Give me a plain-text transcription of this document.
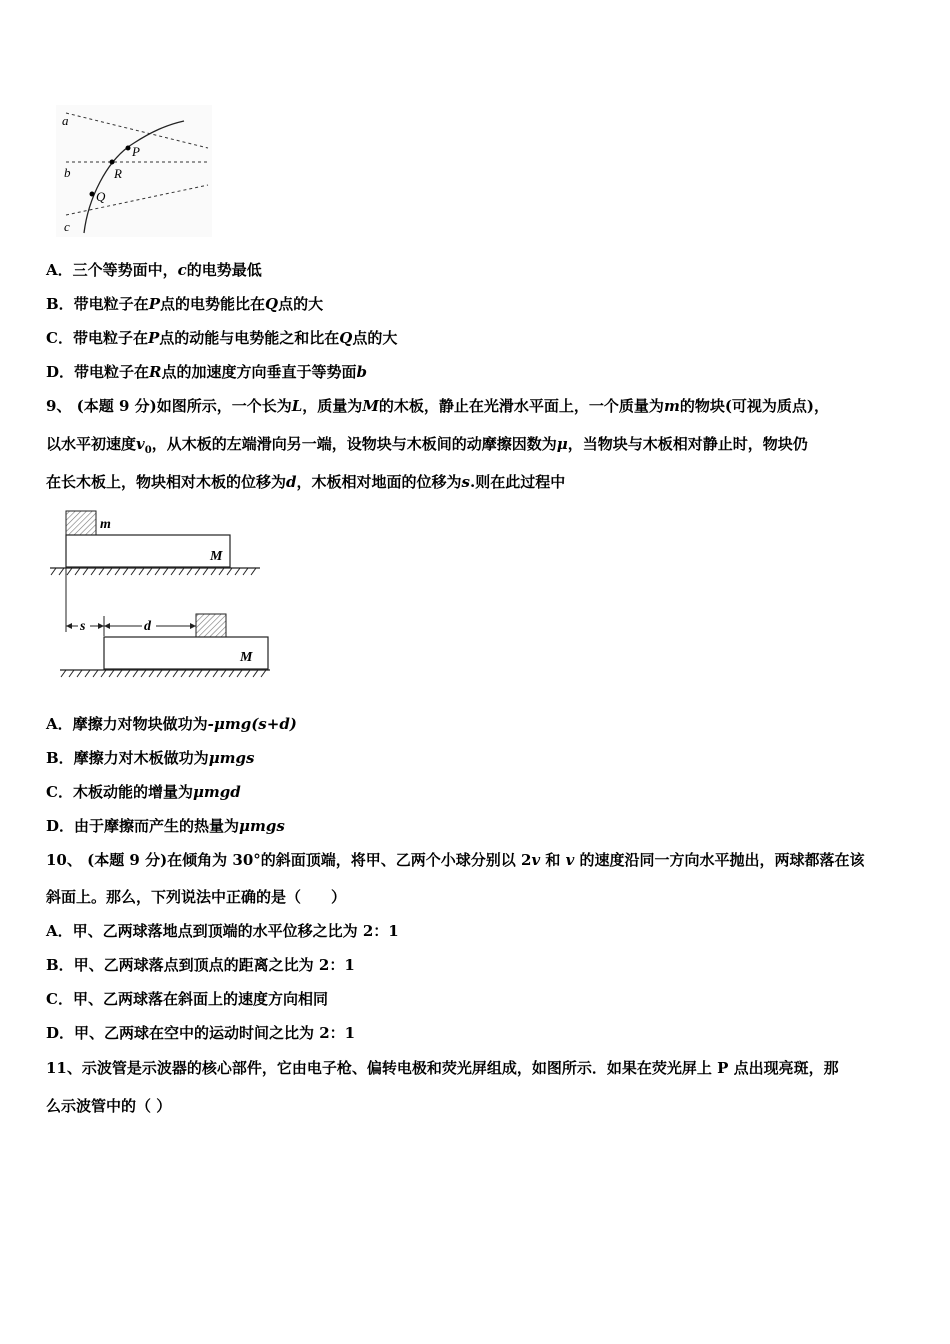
a
b
c
P
R
Q
A．三个等势面中，c的电势最低
B．带电粒子在P点的电势能比在Q点的大
C．带电粒子在P点的动能与电势能之和比在Q点的大
D．带电粒子在R点的加速度方向垂直于等势面b
9、 (本题 9 分)如图所示，一个长为L，质量为M的木板，静止在光滑水平面上，一个质量为m的物块(可视为质点)，
以水平初速度$v_0$，从木板的左端滑向另一端，设物块与木板间的动摩擦因数为μ，当物块与木板相对静止时，物块仍
在长木板上，物块相对木板的位移为d，木板相对地面的位移为s.则在此过程中
m
M
s	d
M
A．摩擦力对物块做功为-μmg(s+d)
B．摩擦力对木板做功为μmgs
C．木板动能的增量为μmgd
D．由于摩擦而产生的热量为μmgs
10、 (本题 9 分)在倾角为 30°的斜面顶端，将甲、乙两个小球分别以 2v 和 v 的速度沿同一方向水平抛出，两球都落在该
斜面上。那么，下列说法中正确的是（　　）
A．甲、乙两球落地点到顶端的水平位移之比为 2：1
B．甲、乙两球落点到顶点的距离之比为 2：1
C．甲、乙两球落在斜面上的速度方向相同
D．甲、乙两球在空中的运动时间之比为 2：1
11、示波管是示波器的核心部件，它由电子枪、偏转电极和荧光屏组成，如图所示．如果在荧光屏上 P 点出现亮斑，那
么示波管中的（ ）
